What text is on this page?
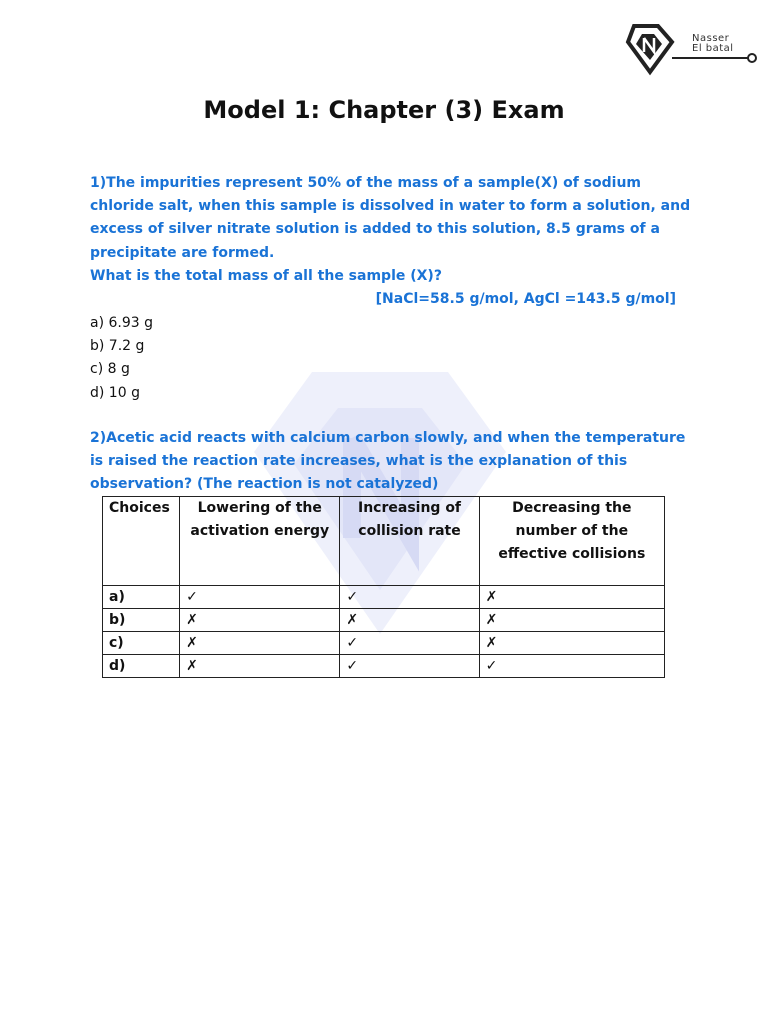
Nasser
El batal
Model 1: Chapter (3) Exam
1)The impurities represent 50% of the mass of a sample(X) of sodium
chloride salt, when this sample is dissolved in water to form a solution, and
excess of silver nitrate solution is added to this solution, 8.5 grams of a
precipitate are formed.
What is the total mass of all the sample (X)?
[NaCl=58.5 g/mol, AgCl =143.5 g/mol]
a) 6.93 g
b) 7.2 g
c) 8 g
d) 10 g
2)Acetic acid reacts with calcium carbon slowly, and when the temperature
is raised the reaction rate increases, what is the explanation of this
observation? (The reaction is not catalyzed)
Choices	Lowering of the activation energy	Increasing of collision rate	Decreasing the number of the effective collisions
a)	✓	✓	✗
b)	✗	✗	✗
c)	✗	✓	✗
d)	✗	✓	✓
